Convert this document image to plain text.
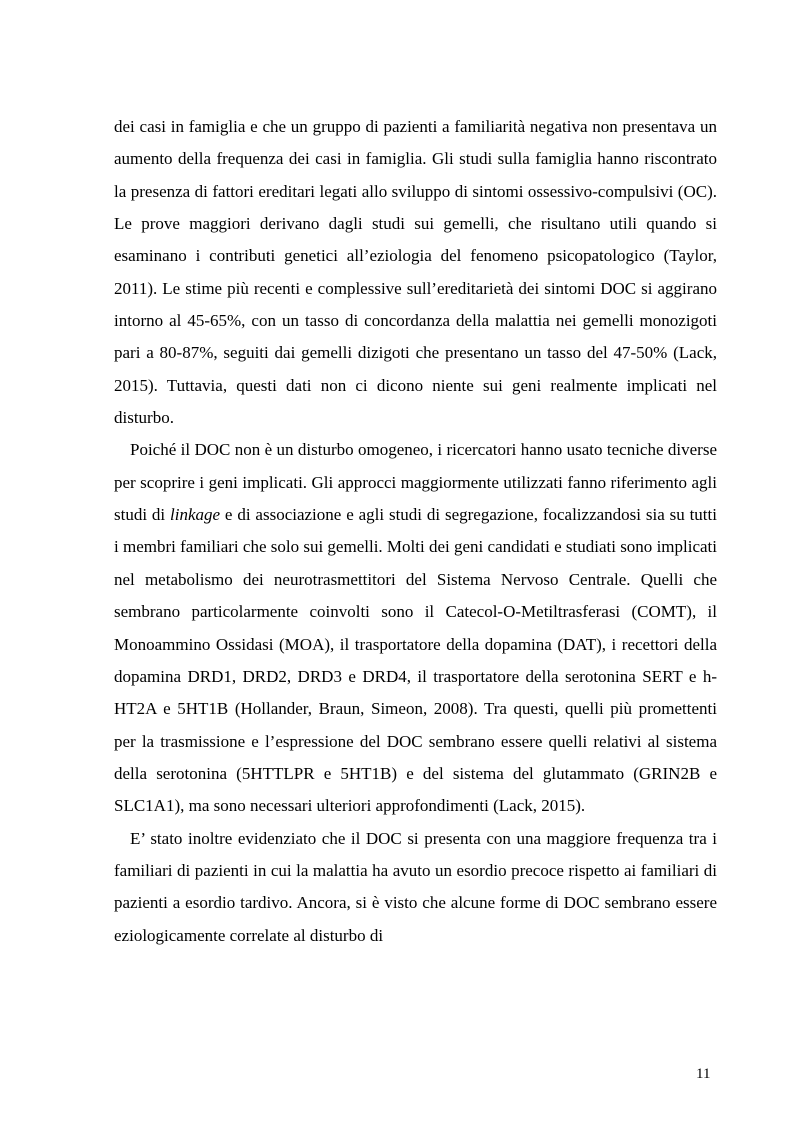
dei casi in famiglia e che un gruppo di pazienti a familiarità negativa non presentava un aumento della frequenza dei casi in famiglia. Gli studi sulla famiglia hanno riscontrato la presenza di fattori ereditari legati allo sviluppo di sintomi ossessivo-compulsivi (OC). Le prove maggiori derivano dagli studi sui gemelli, che risultano utili quando si esaminano i contributi genetici all’eziologia del fenomeno psicopatologico (Taylor, 2011). Le stime più recenti e complessive sull’ereditarietà dei sintomi DOC si aggirano intorno al 45-65%, con un tasso di concordanza della malattia nei gemelli monozigoti pari a 80-87%, seguiti dai gemelli dizigoti che presentano un tasso del 47-50% (Lack, 2015). Tuttavia, questi dati non ci dicono niente sui geni realmente implicati nel disturbo.

Poiché il DOC non è un disturbo omogeneo, i ricercatori hanno usato tecniche diverse per scoprire i geni implicati. Gli approcci maggiormente utilizzati fanno riferimento agli studi di linkage e di associazione e agli studi di segregazione, focalizzandosi sia su tutti i membri familiari che solo sui gemelli. Molti dei geni candidati e studiati sono implicati nel metabolismo dei neurotrasmettitori del Sistema Nervoso Centrale. Quelli che sembrano particolarmente coinvolti sono il Catecol-O-Metiltrasferasi (COMT), il Monoammino Ossidasi (MOA), il trasportatore della dopamina (DAT), i recettori della dopamina DRD1, DRD2, DRD3 e DRD4, il trasportatore della serotonina SERT e h-HT2A e 5HT1B (Hollander, Braun, Simeon, 2008). Tra questi, quelli più promettenti per la trasmissione e l’espressione del DOC sembrano essere quelli relativi al sistema della serotonina (5HTTLPR e 5HT1B) e del sistema del glutammato (GRIN2B e SLC1A1), ma sono necessari ulteriori approfondimenti (Lack, 2015).

E’ stato inoltre evidenziato che il DOC si presenta con una maggiore frequenza tra i familiari di pazienti in cui la malattia ha avuto un esordio precoce rispetto ai familiari di pazienti a esordio tardivo. Ancora, si è visto che alcune forme di DOC sembrano essere eziologicamente correlate al disturbo di

11
